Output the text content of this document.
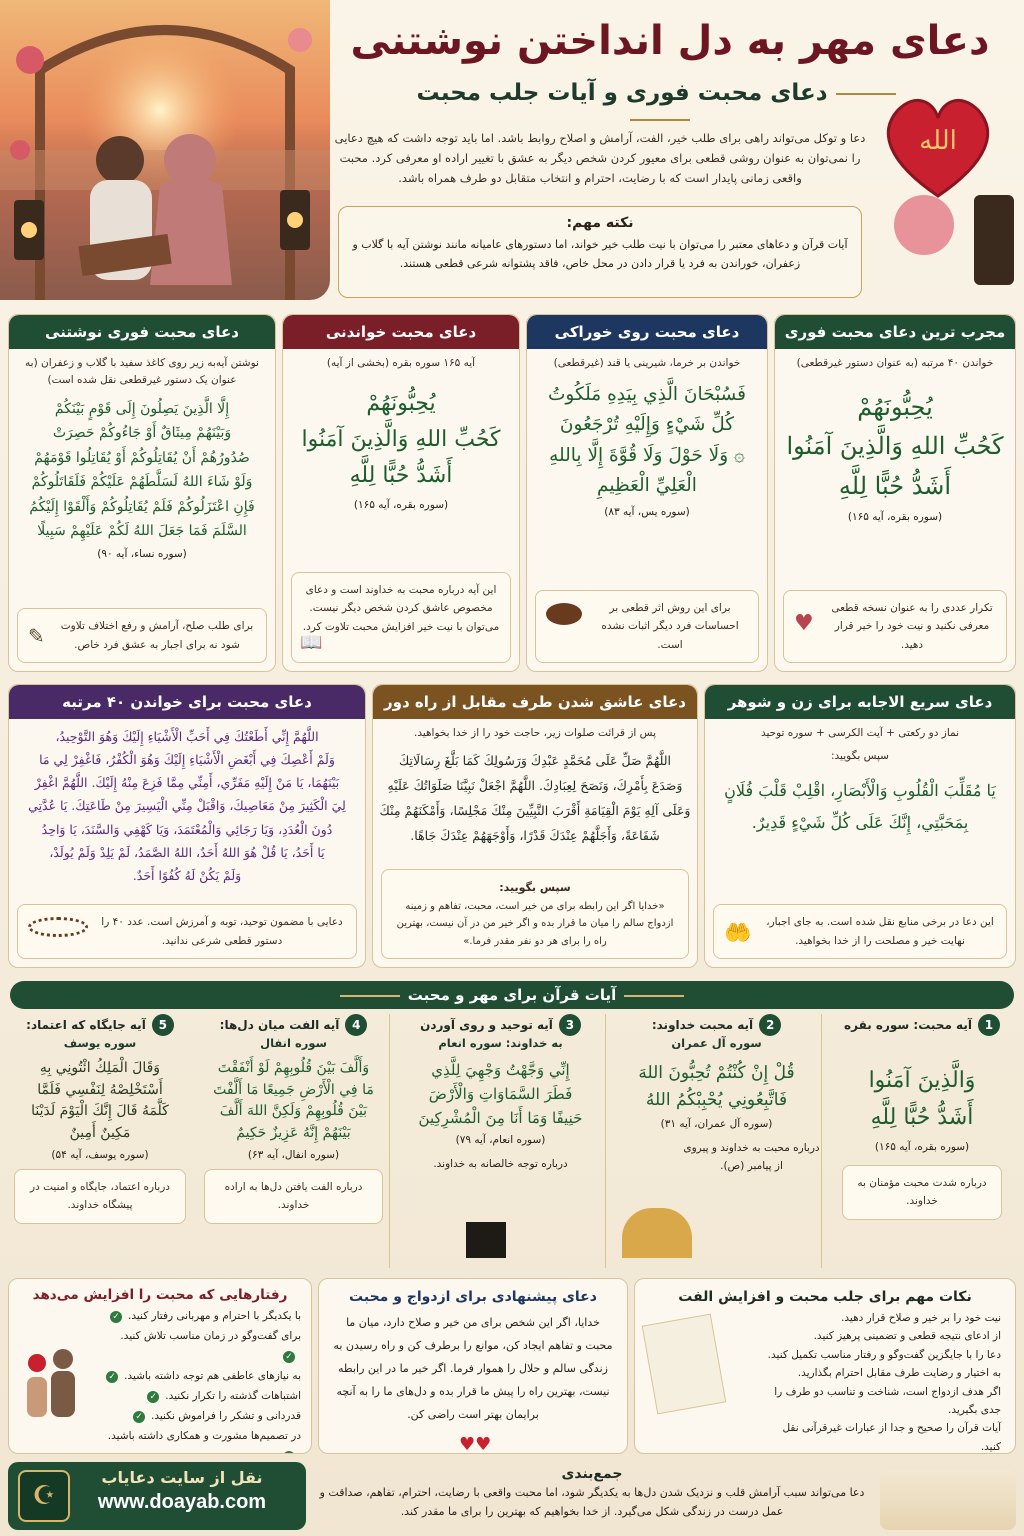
دعای مهر به دل انداختن نوشتنی
دعای محبت فوری و آیات جلب محبت
دعا و توکل می‌تواند راهی برای طلب خیر، الفت، آرامش و اصلاح روابط باشد. اما باید توجه داشت که هیچ دعایی را نمی‌توان به عنوان روشی قطعی برای معیور کردن شخص دیگر به عشق با تغییر اراده او معرفی کرد. محبت واقعی زمانی پایدار است که با رضایت، احترام و انتخاب متقابل دو طرف همراه باشد.
الله
نکته مهم:

آیات قرآن و دعاهای معتبر را می‌توان با نیت طلب خیر خواند، اما دستورهای عامیانه مانند نوشتن آیه با گلاب و زعفران، خوراندن به فرد یا قرار دادن در محل خاص، فاقد پشتوانه شرعی قطعی هستند.

مجرب ترین دعای محبت فوری
خواندن ۴۰ مرتبه (به عنوان دستور غیرقطعی)
يُحِبُّونَهُمْ
كَحُبِّ اللهِ وَالَّذِينَ آمَنُوا
أَشَدُّ حُبًّا لِلَّهِ
(سوره بقره، آیه ۱۶۵)
تکرار عددی را به عنوان نسخه قطعی معرفی نکنید و نیت خود را خیر قرار دهید.
♥
دعای محبت روی خوراکی
خواندن بر خرما، شیرینی یا قند (غیرقطعی)
فَسُبْحَانَ الَّذِي بِيَدِهِ مَلَكُوتُ
كُلِّ شَيْءٍ وَإِلَيْهِ تُرْجَعُونَ
۞ وَلَا حَوْلَ وَلَا قُوَّةَ إِلَّا بِاللهِ
الْعَلِيِّ الْعَظِيمِ
(سوره یس، آیه ۸۳)
برای این روش اثر قطعی بر احساسات فرد دیگر اثبات نشده است.
دعای محبت خواندنی
آیه ۱۶۵ سوره بقره (بخشی از آیه)
يُحِبُّونَهُمْ
كَحُبِّ اللهِ وَالَّذِينَ آمَنُوا
أَشَدُّ حُبًّا لِلَّهِ
(سوره بقره، آیه ۱۶۵)
این آیه درباره محبت به خداوند است و دعای مخصوص عاشق کردن شخص دیگر نیست. می‌توان با نیت خیر افزایش محبت تلاوت کرد.
📖
دعای محبت فوری نوشتنی
نوشتن آیه‌به زیر روی کاغذ سفید با گلاب و زعفران (به عنوان یک دستور غیرقطعی نقل شده است)
إِلَّا الَّذِينَ يَصِلُونَ إِلَى قَوْمٍ بَيْنَكُمْ
وَبَيْنَهُمْ مِيثَاقٌ أَوْ جَاءُوكُمْ حَصِرَتْ
صُدُورُهُمْ أَنْ يُقَاتِلُوكُمْ أَوْ يُقَاتِلُوا قَوْمَهُمْ
وَلَوْ شَاءَ اللهُ لَسَلَّطَهُمْ عَلَيْكُمْ فَلَقَاتَلُوكُمْ
فَإِنِ اعْتَزَلُوكُمْ فَلَمْ يُقَاتِلُوكُمْ وَأَلْقَوْا إِلَيْكُمُ
السَّلَمَ فَمَا جَعَلَ اللهُ لَكُمْ عَلَيْهِمْ سَبِيلًا
(سوره نساء، آیه ۹۰)
برای طلب صلح، آرامش و رفع اختلاف تلاوت شود نه برای اجبار به عشق فرد خاص.
✎
دعای سریع الاجابه برای زن و شوهر
نماز دو رکعتی + آیت الکرسی + سوره توحید
سپس بگویید:
يَا مُقَلِّبَ الْقُلُوبِ وَالْأَبْصَارِ، اقْلِبْ قَلْبَ فُلَانٍ
بِمَحَبَّتِي، إِنَّكَ عَلَى كُلِّ شَيْءٍ قَدِيرٌ.
این دعا در برخی منابع نقل شده است. به جای اجبار، نهایت خیر و مصلحت را از خدا بخواهید.
🤲
دعای عاشق شدن طرف مقابل از راه دور
پس از قرائت صلوات زیر، حاجت خود را از خدا بخواهید.
اللَّهُمَّ صَلِّ عَلَى مُحَمَّدٍ عَبْدِكَ وَرَسُولِكَ كَمَا بَلَّغَ رِسَالَاتِكَ
وَصَدَعَ بِأَمْرِكَ، وَنَصَحَ لِعِبَادِكَ. اللَّهُمَّ اجْعَلْ نَبِيَّنَا صَلَوَاتُكَ عَلَيْهِ
وَعَلَى آلِهِ يَوْمَ الْقِيَامَةِ أَقْرَبَ النَّبِيِّينَ مِنْكَ مَجْلِسًا، وَأَمْكَنَهُمْ مِنْكَ
شَفَاعَةً، وَأَجَلَّهُمْ عِنْدَكَ قَدْرًا، وَأَوْجَهَهُمْ عِنْدَكَ جَاهًا.
سپس بگویید:
«خدایا اگر این رابطه برای من خیر است، محبت، تفاهم و زمینه ازدواج سالم را میان ما قرار بده و اگر خیر من در آن نیست، بهترین راه را برای هر دو نفر مقدر فرما.»
دعای محبت برای خواندن ۴۰ مرتبه
اللَّهُمَّ إِنِّي أَطَعْتُكَ فِي أَحَبِّ الْأَشْيَاءِ إِلَيْكَ وَهُوَ التَّوْحِيدُ،
وَلَمْ أَعْصِكَ فِي أَبْغَضِ الْأَشْيَاءِ إِلَيْكَ وَهُوَ الْكُفْرُ، فَاغْفِرْ لِي مَا
بَيْنَهُمَا، يَا مَنْ إِلَيْهِ مَفَرِّي، أَمِنِّي مِمَّا فَزِعَ مِنْهُ إِلَيْكَ. اللَّهُمَّ اغْفِرْ
لِيَ الْكَثِيرَ مِنْ مَعَاصِيكَ، وَاقْبَلْ مِنِّي الْيَسِيرَ مِنْ طَاعَتِكَ. يَا عُدَّتِي
دُونَ الْعُدَدِ، وَيَا رَجَائِي وَالْمُعْتَمَدَ، وَيَا كَهْفِي وَالسَّنَدَ، يَا وَاحِدُ
يَا أَحَدُ، يَا قُلْ هُوَ اللهُ أَحَدٌ، اللهُ الصَّمَدُ، لَمْ يَلِدْ وَلَمْ يُولَدْ،
وَلَمْ يَكُنْ لَهُ كُفُوًا أَحَدٌ.
دعایی با مضمون توحید، توبه و آمرزش است. عدد ۴۰ را دستور قطعی شرعی ندانید.
آیات قرآن برای مهر و محبت
1آیه محبت: سوره بقره
وَالَّذِينَ آمَنُوا
أَشَدُّ حُبًّا لِلَّهِ
(سوره بقره، آیه ۱۶۵)
درباره شدت محبت مؤمنان به خداوند.
2آیه محبت خداوند:
سوره آل عمران
قُلْ إِنْ كُنْتُمْ تُحِبُّونَ اللهَ
فَاتَّبِعُونِي يُحْبِبْكُمُ اللهُ
(سوره آل عمران، آیه ۳۱)
درباره محبت به خداوند و پیروی از پیامبر (ص).
3آیه توحید و روی آوردن
به خداوند: سوره انعام
إِنِّي وَجَّهْتُ وَجْهِيَ لِلَّذِي
فَطَرَ السَّمَاوَاتِ وَالْأَرْضَ
حَنِيفًا وَمَا أَنَا مِنَ الْمُشْرِكِينَ
(سوره انعام، آیه ۷۹)
درباره توجه خالصانه به خداوند.
4آیه الفت میان دل‌ها:
سوره انفال
وَأَلَّفَ بَيْنَ قُلُوبِهِمْ لَوْ أَنْفَقْتَ
مَا فِي الْأَرْضِ جَمِيعًا مَا أَلَّفْتَ
بَيْنَ قُلُوبِهِمْ وَلَكِنَّ اللهَ أَلَّفَ
بَيْنَهُمْ إِنَّهُ عَزِيزٌ حَكِيمٌ
(سوره انفال، آیه ۶۳)
درباره الفت یافتن دل‌ها به اراده خداوند.
5آیه جایگاه که اعتماد:
سوره یوسف
وَقَالَ الْمَلِكُ ائْتُونِي بِهِ
أَسْتَخْلِصْهُ لِنَفْسِي فَلَمَّا
كَلَّمَهُ قَالَ إِنَّكَ الْيَوْمَ لَدَيْنَا
مَكِينٌ أَمِينٌ
(سوره یوسف، آیه ۵۴)
درباره اعتماد، جایگاه و امنیت در پیشگاه خداوند.
نکات مهم برای جلب محبت و افزایش الفت
نیت خود را بر خیر و صلاح قرار دهید.
از ادعای نتیجه قطعی و تضمینی پرهیز کنید.
دعا را با جایگزین گفت‌وگو و رفتار مناسب تکمیل کنید.
به اختیار و رضایت طرف مقابل احترام بگذارید.
اگر هدف ازدواج است، شناخت و تناسب دو طرف را جدی بگیرید.
آیات قرآن را صحیح و جدا از عبارات غیرقرآنی نقل کنید.
دعای پیشنهادی برای ازدواج و محبت
خدایا، اگر این شخص برای من خیر و صلاح دارد، میان ما محبت و تفاهم ایجاد کن، موانع را برطرف کن و راه رسیدن به زندگی سالم و حلال را هموار فرما. اگر خیر ما در این رابطه نیست، بهترین راه را پیش ما قرار بده و دل‌های ما را به آنچه برایمان بهتر است راضی کن.
♥♥
رفتارهایی که محبت را افزایش می‌دهد
با یکدیگر با احترام و مهربانی رفتار کنید.✓
برای گفت‌وگو در زمان مناسب تلاش کنید.✓
به نیازهای عاطفی هم توجه داشته باشید.✓
اشتباهات گذشته را تکرار نکنید.✓
قدردانی و تشکر را فراموش نکنید.✓
در تصمیم‌ها مشورت و همکاری داشته باشید.
نقل از سایت دعایاب
www.doayab.com
☪
جمع‌بندی
دعا می‌تواند سبب آرامش قلب و نزدیک شدن دل‌ها به یکدیگر شود، اما محبت واقعی با رضایت، احترام، تفاهم، صداقت و عمل درست در زندگی شکل می‌گیرد. از خدا بخواهیم که بهترین را برای ما مقدر کند.
